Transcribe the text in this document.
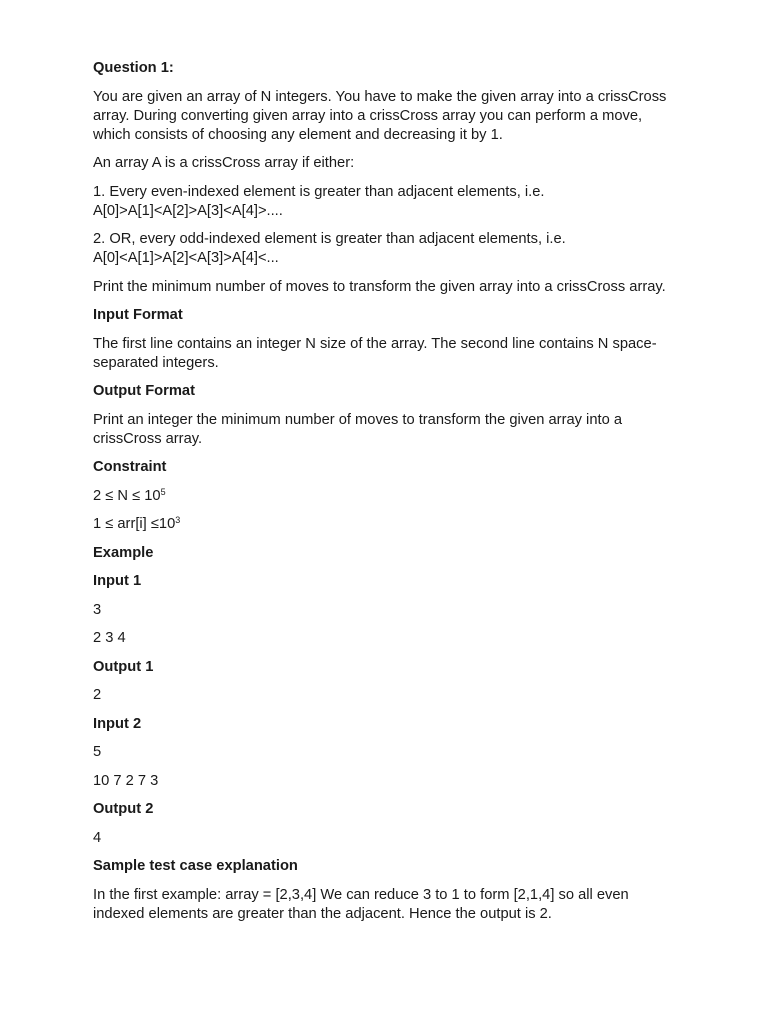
Question 1:

You are given an array of N integers. You have to make the given array into a crissCross array. During converting given array into a crissCross array you can perform a move, which consists of choosing any element and decreasing it by 1.

An array A is a crissCross array if either:

1. Every even-indexed element is greater than adjacent elements, i.e.
A[0]>A[1]<A[2]>A[3]<A[4]>....

2. OR, every odd-indexed element is greater than adjacent elements, i.e.
A[0]<A[1]>A[2]<A[3]>A[4]<...

Print the minimum number of moves to transform the given array into a crissCross array.

Input Format

The first line contains an integer N size of the array. The second line contains N space-separated integers.

Output Format

Print an integer the minimum number of moves to transform the given array into a crissCross array.

Constraint

$2 \le N \le 10^5$

$1 \le arr[i] \le 10^3$

Example

Input 1

3

2 3 4

Output 1

2

Input 2

5

10 7 2 7 3

Output 2

4

Sample test case explanation

In the first example: array = [2,3,4] We can reduce 3 to 1 to form [2,1,4] so all even indexed elements are greater than the adjacent. Hence the output is 2.
